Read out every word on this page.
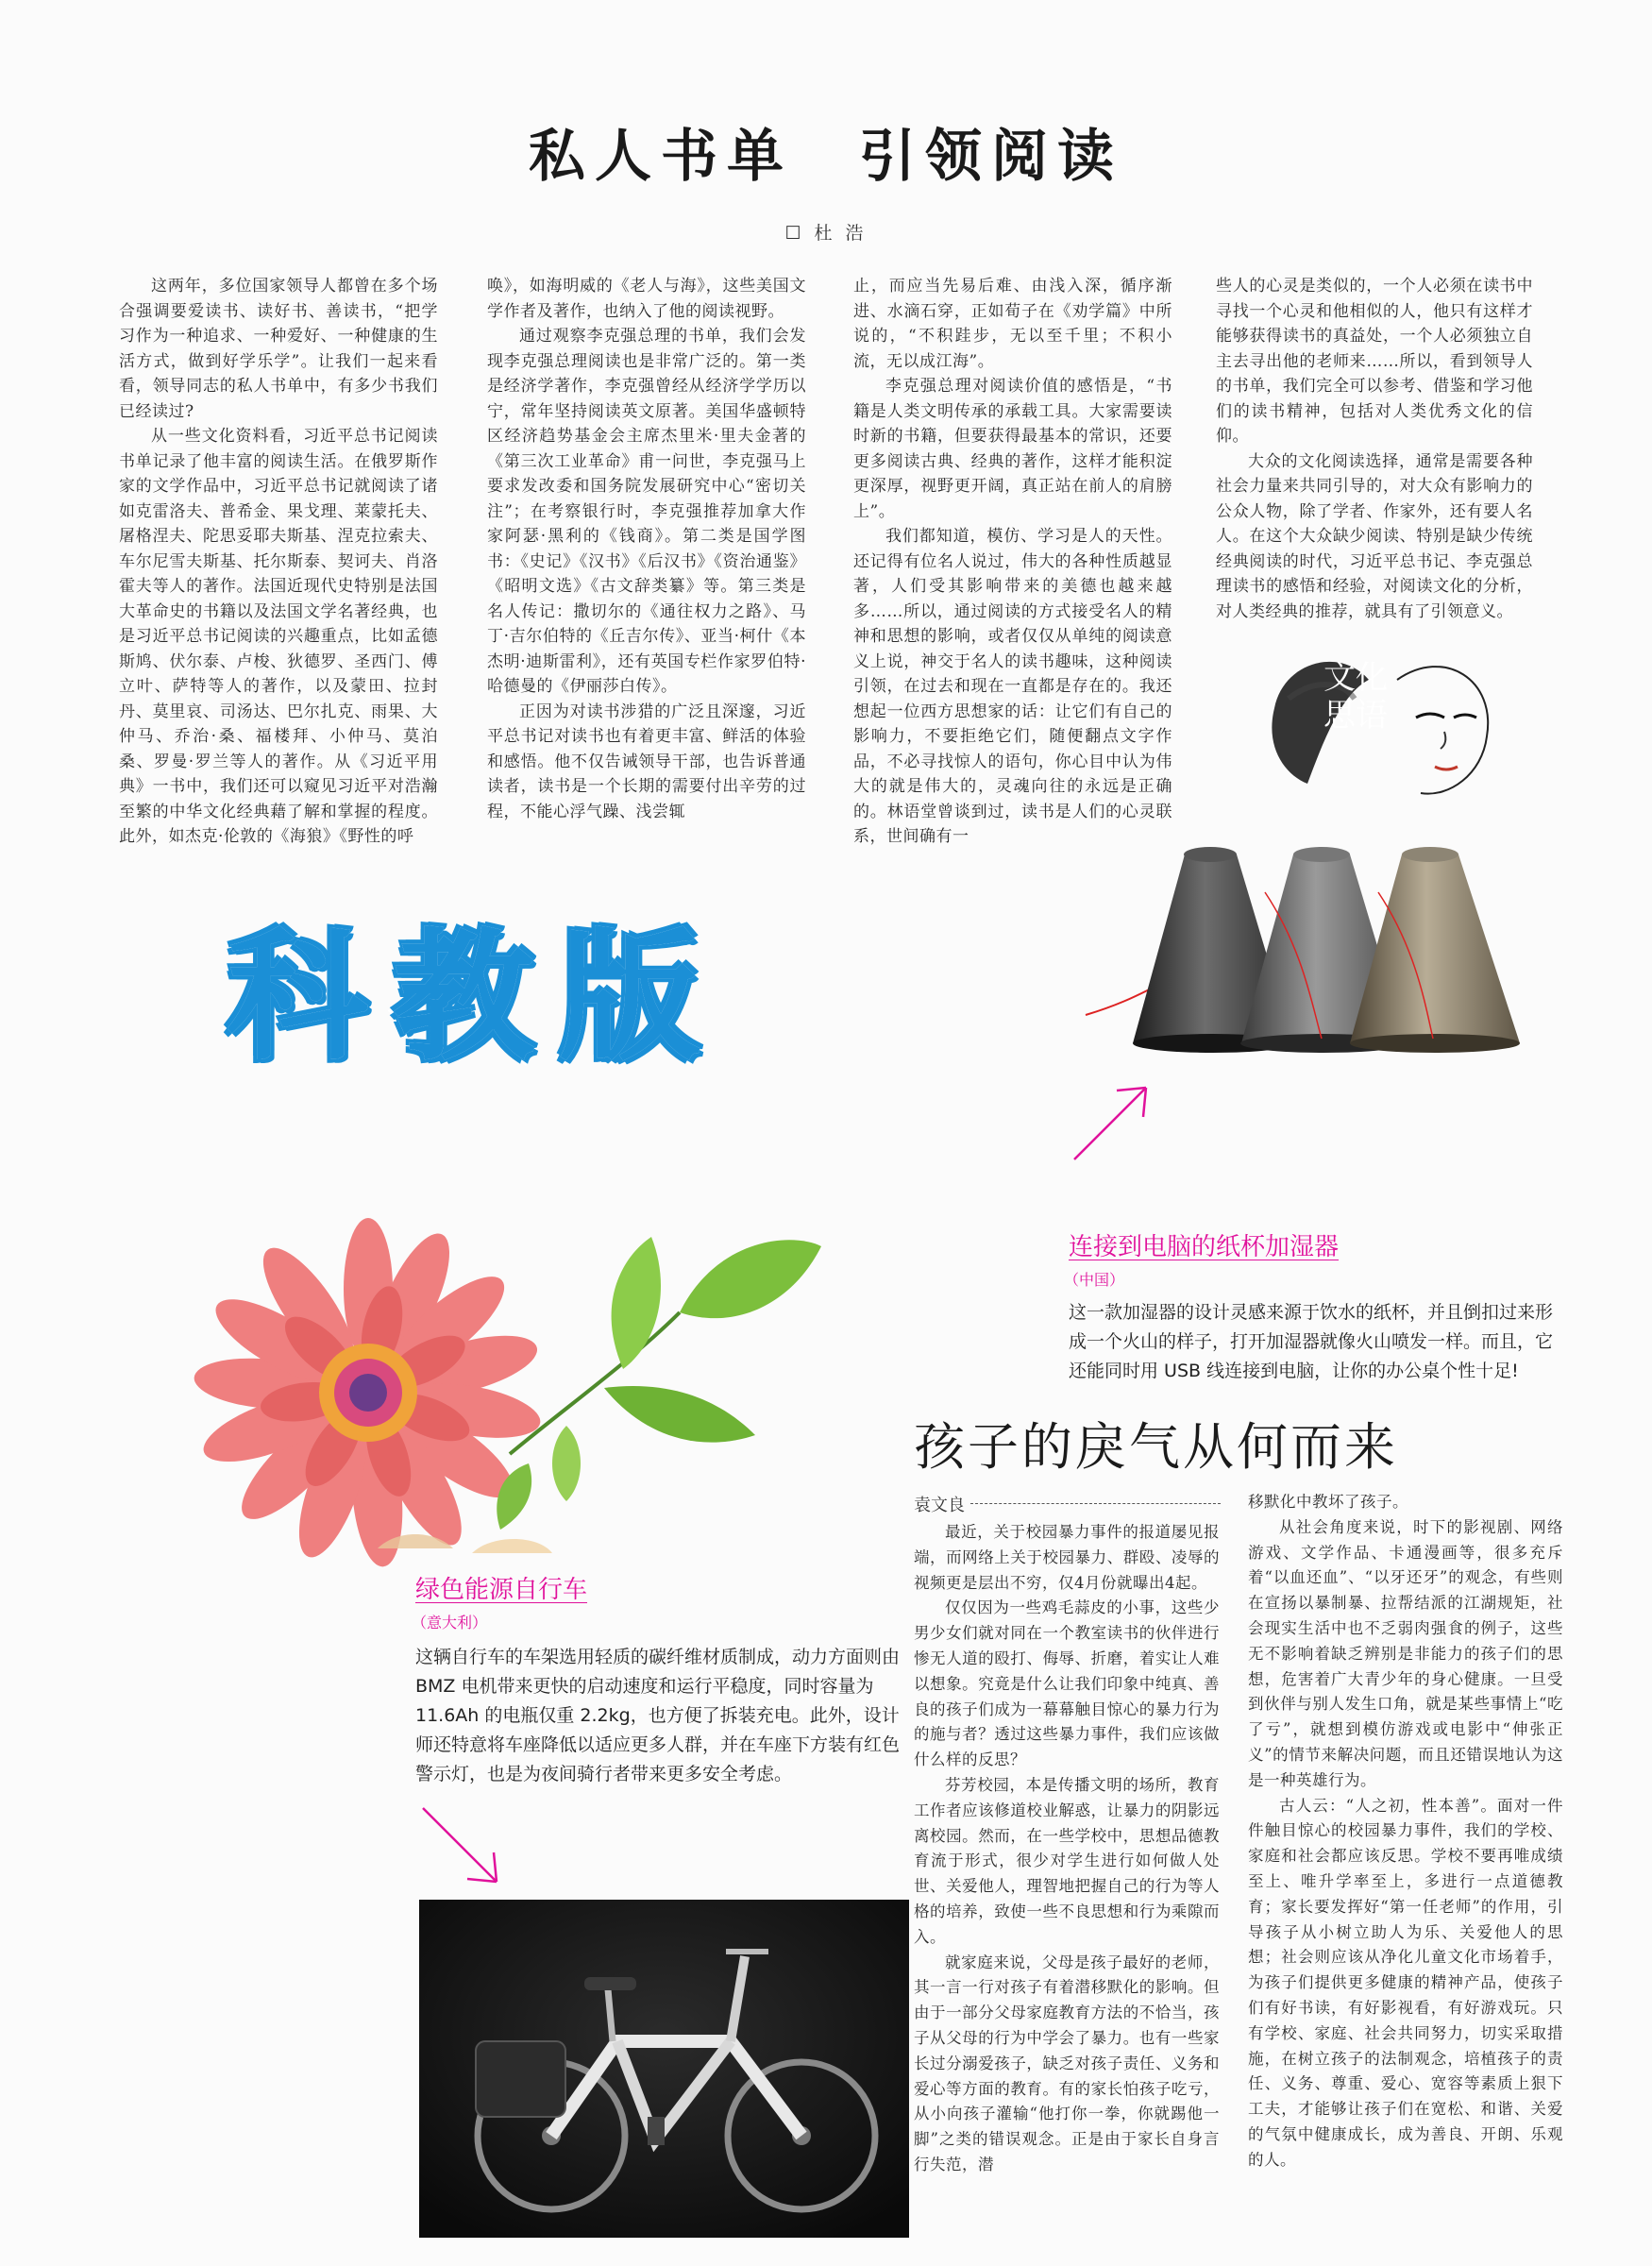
私人书单　引领阅读
☐ 杜 浩

这两年，多位国家领导人都曾在多个场合强调要爱读书、读好书、善读书，“把学习作为一种追求、一种爱好、一种健康的生活方式，做到好学乐学”。让我们一起来看看，领导同志的私人书单中，有多少书我们已经读过?

从一些文化资料看，习近平总书记阅读书单记录了他丰富的阅读生活。在俄罗斯作家的文学作品中，习近平总书记就阅读了诸如克雷洛夫、普希金、果戈理、莱蒙托夫、屠格涅夫、陀思妥耶夫斯基、涅克拉索夫、车尔尼雪夫斯基、托尔斯泰、契诃夫、肖洛霍夫等人的著作。法国近现代史特别是法国大革命史的书籍以及法国文学名著经典，也是习近平总书记阅读的兴趣重点，比如孟德斯鸠、伏尔泰、卢梭、狄德罗、圣西门、傅立叶、萨特等人的著作，以及蒙田、拉封丹、莫里哀、司汤达、巴尔扎克、雨果、大仲马、乔治·桑、福楼拜、小仲马、莫泊桑、罗曼·罗兰等人的著作。从《习近平用典》一书中，我们还可以窥见习近平对浩瀚至繁的中华文化经典藉了解和掌握的程度。此外，如杰克·伦敦的《海狼》《野性的呼

唤》，如海明威的《老人与海》，这些美国文学作者及著作，也纳入了他的阅读视野。

通过观察李克强总理的书单，我们会发现李克强总理阅读也是非常广泛的。第一类是经济学著作，李克强曾经从经济学学历以宁，常年坚持阅读英文原著。美国华盛顿特区经济趋势基金会主席杰里米·里夫金著的《第三次工业革命》甫一问世，李克强马上要求发改委和国务院发展研究中心“密切关注”；在考察银行时，李克强推荐加拿大作家阿瑟·黑利的《钱商》。第二类是国学图书：《史记》《汉书》《后汉书》《资治通鉴》《昭明文选》《古文辞类纂》等。第三类是名人传记：撒切尔的《通往权力之路》、马丁·吉尔伯特的《丘吉尔传》、亚当·柯什《本杰明·迪斯雷利》，还有英国专栏作家罗伯特·哈德曼的《伊丽莎白传》。

正因为对读书涉猎的广泛且深邃，习近平总书记对读书也有着更丰富、鲜活的体验和感悟。他不仅告诫领导干部，也告诉普通读者，读书是一个长期的需要付出辛劳的过程，不能心浮气躁、浅尝辄

止，而应当先易后难、由浅入深，循序渐进、水滴石穿，正如荀子在《劝学篇》中所说的，“不积跬步，无以至千里；不积小流，无以成江海”。

李克强总理对阅读价值的感悟是，“书籍是人类文明传承的承载工具。大家需要读时新的书籍，但要获得最基本的常识，还要更多阅读古典、经典的著作，这样才能积淀更深厚，视野更开阔，真正站在前人的肩膀上”。

我们都知道，模仿、学习是人的天性。还记得有位名人说过，伟大的各种性质越显著，人们受其影响带来的美德也越来越多……所以，通过阅读的方式接受名人的精神和思想的影响，或者仅仅从单纯的阅读意义上说，神交于名人的读书趣味，这种阅读引领，在过去和现在一直都是存在的。我还想起一位西方思想家的话：让它们有自己的影响力，不要拒绝它们，随便翻点文字作品，不必寻找惊人的语句，你心目中认为伟大的就是伟大的，灵魂向往的永远是正确的。林语堂曾谈到过，读书是人们的心灵联系，世间确有一

些人的心灵是类似的，一个人必须在读书中寻找一个心灵和他相似的人，他只有这样才能够获得读书的真益处，一个人必须独立自主去寻出他的老师来……所以，看到领导人的书单，我们完全可以参考、借鉴和学习他们的读书精神，包括对人类优秀文化的信仰。

大众的文化阅读选择，通常是需要各种社会力量来共同引导的，对大众有影响力的公众人物，除了学者、作家外，还有要人名人。在这个大众缺少阅读、特别是缺少传统经典阅读的时代，习近平总书记、李克强总理读书的感悟和经验，对阅读文化的分析，对人类经典的推荐，就具有了引领意义。

文化
思语
科教版
连接到电脑的纸杯加湿器
（中国）
这一款加湿器的设计灵感来源于饮水的纸杯，并且倒扣过来形成一个火山的样子，打开加湿器就像火山喷发一样。而且，它还能同时用 USB 线连接到电脑，让你的办公桌个性十足!
绿色能源自行车
（意大利）
这辆自行车的车架选用轻质的碳纤维材质制成，动力方面则由 BMZ 电机带来更快的启动速度和运行平稳度，同时容量为11.6Ah 的电瓶仅重 2.2kg，也方便了拆装充电。此外，设计师还特意将车座降低以适应更多人群，并在车座下方装有红色警示灯，也是为夜间骑行者带来更多安全考虑。
孩子的戾气从何而来
袁文良

最近，关于校园暴力事件的报道屡见报端，而网络上关于校园暴力、群殴、凌辱的视频更是层出不穷，仅4月份就曝出4起。

仅仅因为一些鸡毛蒜皮的小事，这些少男少女们就对同在一个教室读书的伙伴进行惨无人道的殴打、侮辱、折磨，着实让人难以想象。究竟是什么让我们印象中纯真、善良的孩子们成为一幕幕触目惊心的暴力行为的施与者？透过这些暴力事件，我们应该做什么样的反思？

芬芳校园，本是传播文明的场所，教育工作者应该修道校业解惑，让暴力的阴影远离校园。然而，在一些学校中，思想品德教育流于形式，很少对学生进行如何做人处世、关爱他人，理智地把握自己的行为等人格的培养，致使一些不良思想和行为乘隙而入。

就家庭来说，父母是孩子最好的老师，其一言一行对孩子有着潜移默化的影响。但由于一部分父母家庭教育方法的不恰当，孩子从父母的行为中学会了暴力。也有一些家长过分溺爱孩子，缺乏对孩子责任、义务和爱心等方面的教育。有的家长怕孩子吃亏，从小向孩子灌输“他打你一拳，你就踢他一脚”之类的错误观念。正是由于家长自身言行失范，潜

移默化中教坏了孩子。

从社会角度来说，时下的影视剧、网络游戏、文学作品、卡通漫画等，很多充斥着“以血还血”、“以牙还牙”的观念，有些则在宣扬以暴制暴、拉帮结派的江湖规矩，社会现实生活中也不乏弱肉强食的例子，这些无不影响着缺乏辨别是非能力的孩子们的思想，危害着广大青少年的身心健康。一旦受到伙伴与别人发生口角，就是某些事情上“吃了亏”，就想到模仿游戏或电影中“伸张正义”的情节来解决问题，而且还错误地认为这是一种英雄行为。

古人云：“人之初，性本善”。面对一件件触目惊心的校园暴力事件，我们的学校、家庭和社会都应该反思。学校不要再唯成绩至上、唯升学率至上，多进行一点道德教育；家长要发挥好“第一任老师”的作用，引导孩子从小树立助人为乐、关爱他人的思想；社会则应该从净化儿童文化市场着手，为孩子们提供更多健康的精神产品，使孩子们有好书读，有好影视看，有好游戏玩。只有学校、家庭、社会共同努力，切实采取措施，在树立孩子的法制观念，培植孩子的责任、义务、尊重、爱心、宽容等素质上狠下工夫，才能够让孩子们在宽松、和谐、关爱的气氛中健康成长，成为善良、开朗、乐观的人。
